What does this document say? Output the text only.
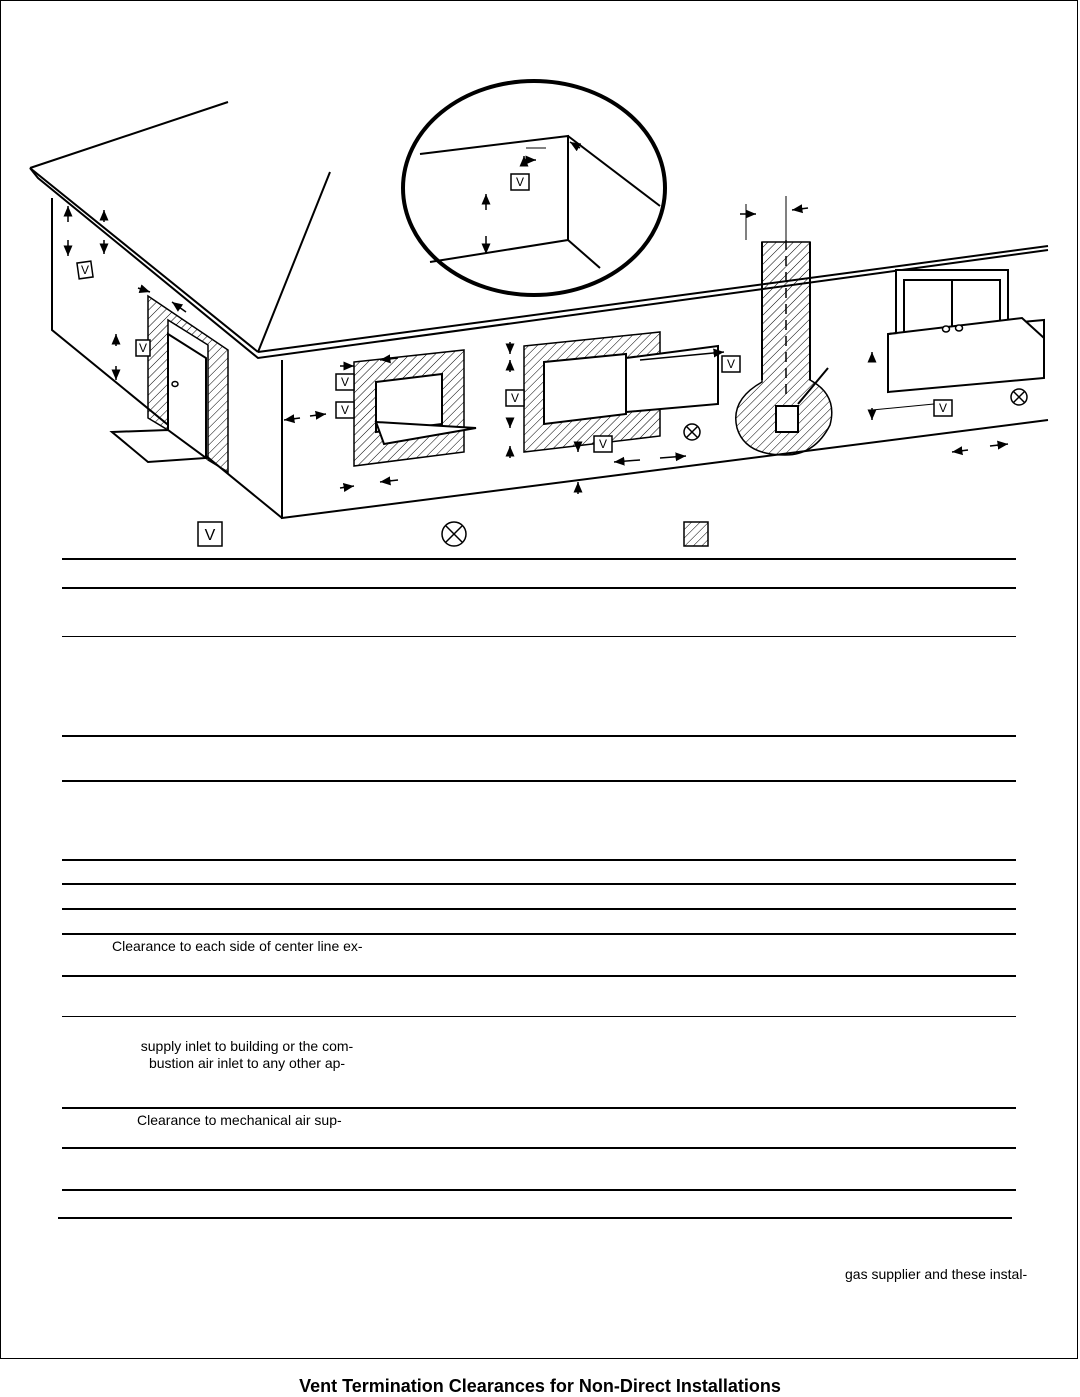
V
V
V
V
V
V
V
V
V
V
Clearance to each side of center line ex-
supply inlet to building or the com-
bustion air inlet to any other ap-
Clearance to mechanical air sup-
gas supplier and these instal-
Vent Termination Clearances for Non-Direct Installations
